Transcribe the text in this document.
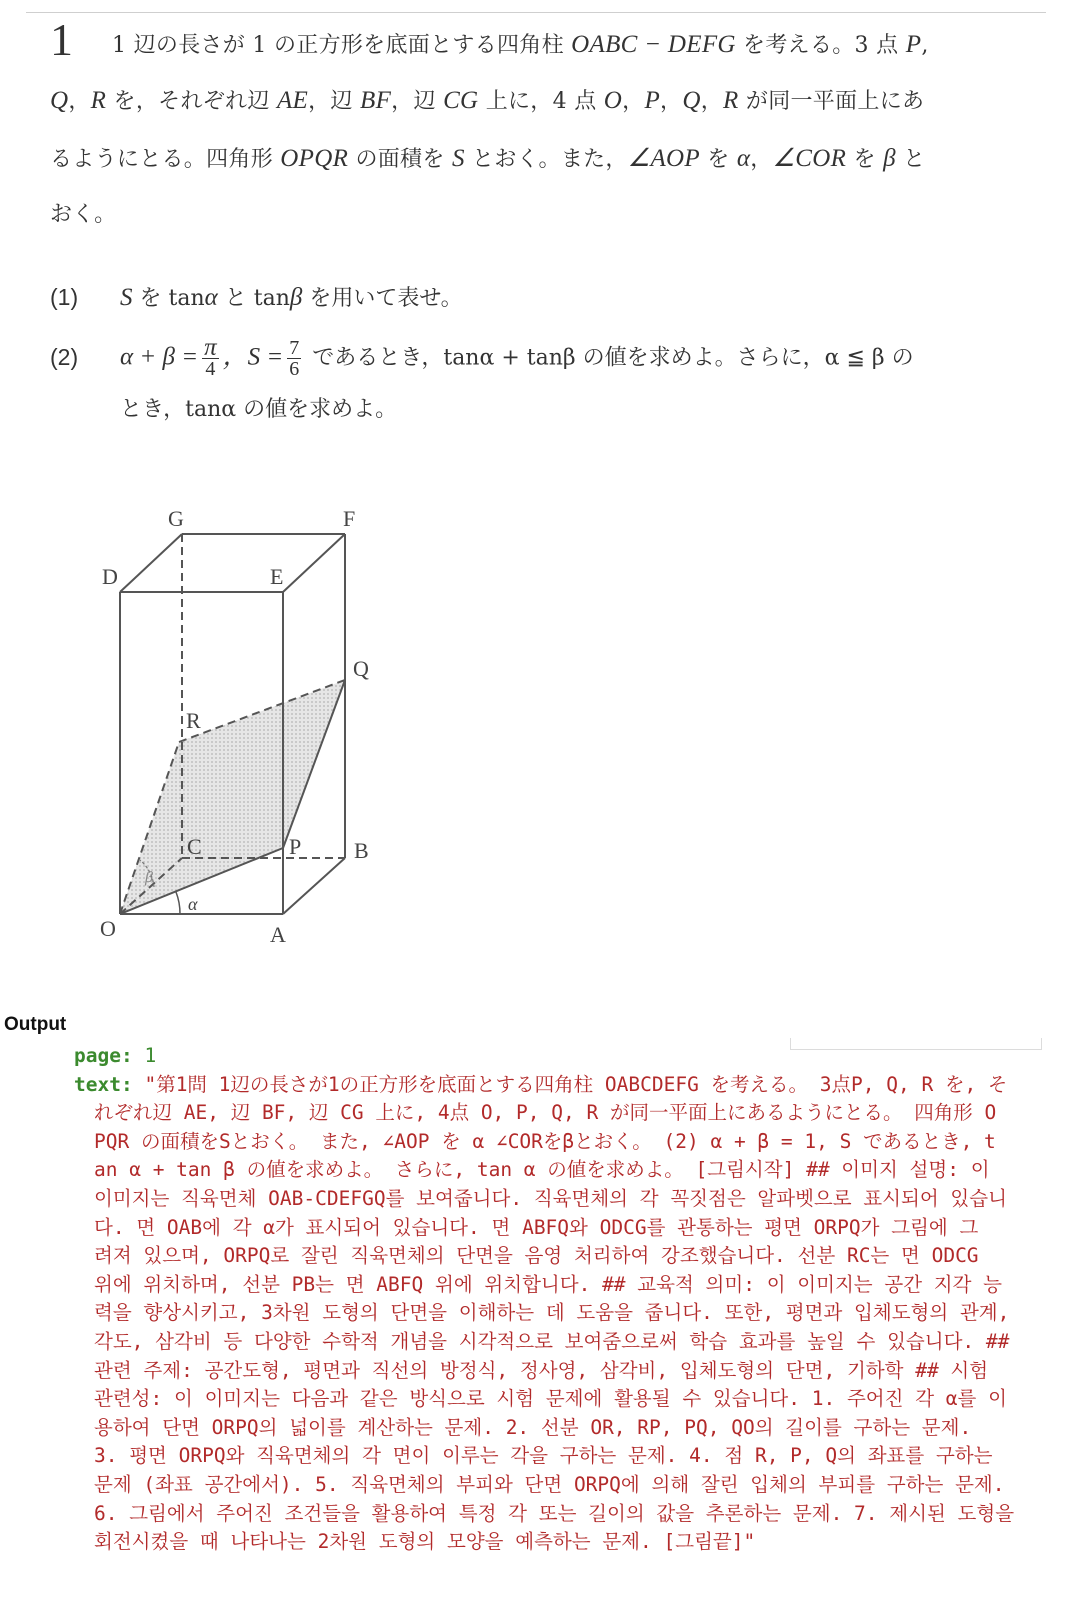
1 1 辺の長さが 1 の正方形を底面とする四角柱 OABC − DEFG を考える。3 点 P,
Q，R を，それぞれ辺 AE，辺 BF，辺 CG 上に，4 点 O，P，Q，R が同一平面上にあ
るようにとる。四角形 OPQR の面積を S とおく。また，∠AOP を α，∠COR を β と
おく。
(1) S を tanα と tanβ を用いて表せ。
(2) $\alpha + \beta = \frac{\pi}{4}$ ，$S = \frac{7}{6}$ であるとき，tanα + tanβ の値を求めよ。さらに，α ≦ β の
とき，tanα の値を求めよ。
G	F
D	E
Q
R
C	P B
O	A
α
β
Output
page: 1
text: "第1問 1辺の長さが1の正方形を底面とする四角柱 OABCDEFG を考える。 3点P, Q, R を, そ
れぞれ辺 AE, 辺 BF, 辺 CG 上に, 4点 O, P, Q, R が同一平面上にあるようにとる。 四角形 O
PQR の面積をSとおく。 また, ∠AOP を α ∠CORをβとおく。 (2) α + β = 1, S であるとき, t
an α + tan β の値を求めよ。 さらに, tan α の値を求めよ。 [그림시작] ## 이미지 설명: 이
이미지는 직육면체 OAB-CDEFGQ를 보여줍니다. 직육면체의 각 꼭짓점은 알파벳으로 표시되어 있습니
다. 면 OAB에 각 α가 표시되어 있습니다. 면 ABFQ와 ODCG를 관통하는 평면 ORPQ가 그림에 그
려져 있으며, ORPQ로 잘린 직육면체의 단면을 음영 처리하여 강조했습니다. 선분 RC는 면 ODCG
위에 위치하며, 선분 PB는 면 ABFQ 위에 위치합니다. ## 교육적 의미: 이 이미지는 공간 지각 능
력을 향상시키고, 3차원 도형의 단면을 이해하는 데 도움을 줍니다. 또한, 평면과 입체도형의 관계,
각도, 삼각비 등 다양한 수학적 개념을 시각적으로 보여줌으로써 학습 효과를 높일 수 있습니다. ##
관련 주제: 공간도형, 평면과 직선의 방정식, 정사영, 삼각비, 입체도형의 단면, 기하학 ## 시험
관련성: 이 이미지는 다음과 같은 방식으로 시험 문제에 활용될 수 있습니다. 1. 주어진 각 α를 이
용하여 단면 ORPQ의 넓이를 계산하는 문제. 2. 선분 OR, RP, PQ, QO의 길이를 구하는 문제.
3. 평면 ORPQ와 직육면체의 각 면이 이루는 각을 구하는 문제. 4. 점 R, P, Q의 좌표를 구하는
문제 (좌표 공간에서). 5. 직육면체의 부피와 단면 ORPQ에 의해 잘린 입체의 부피를 구하는 문제.
6. 그림에서 주어진 조건들을 활용하여 특정 각 또는 길이의 값을 추론하는 문제. 7. 제시된 도형을
회전시켰을 때 나타나는 2차원 도형의 모양을 예측하는 문제. [그림끝]"
